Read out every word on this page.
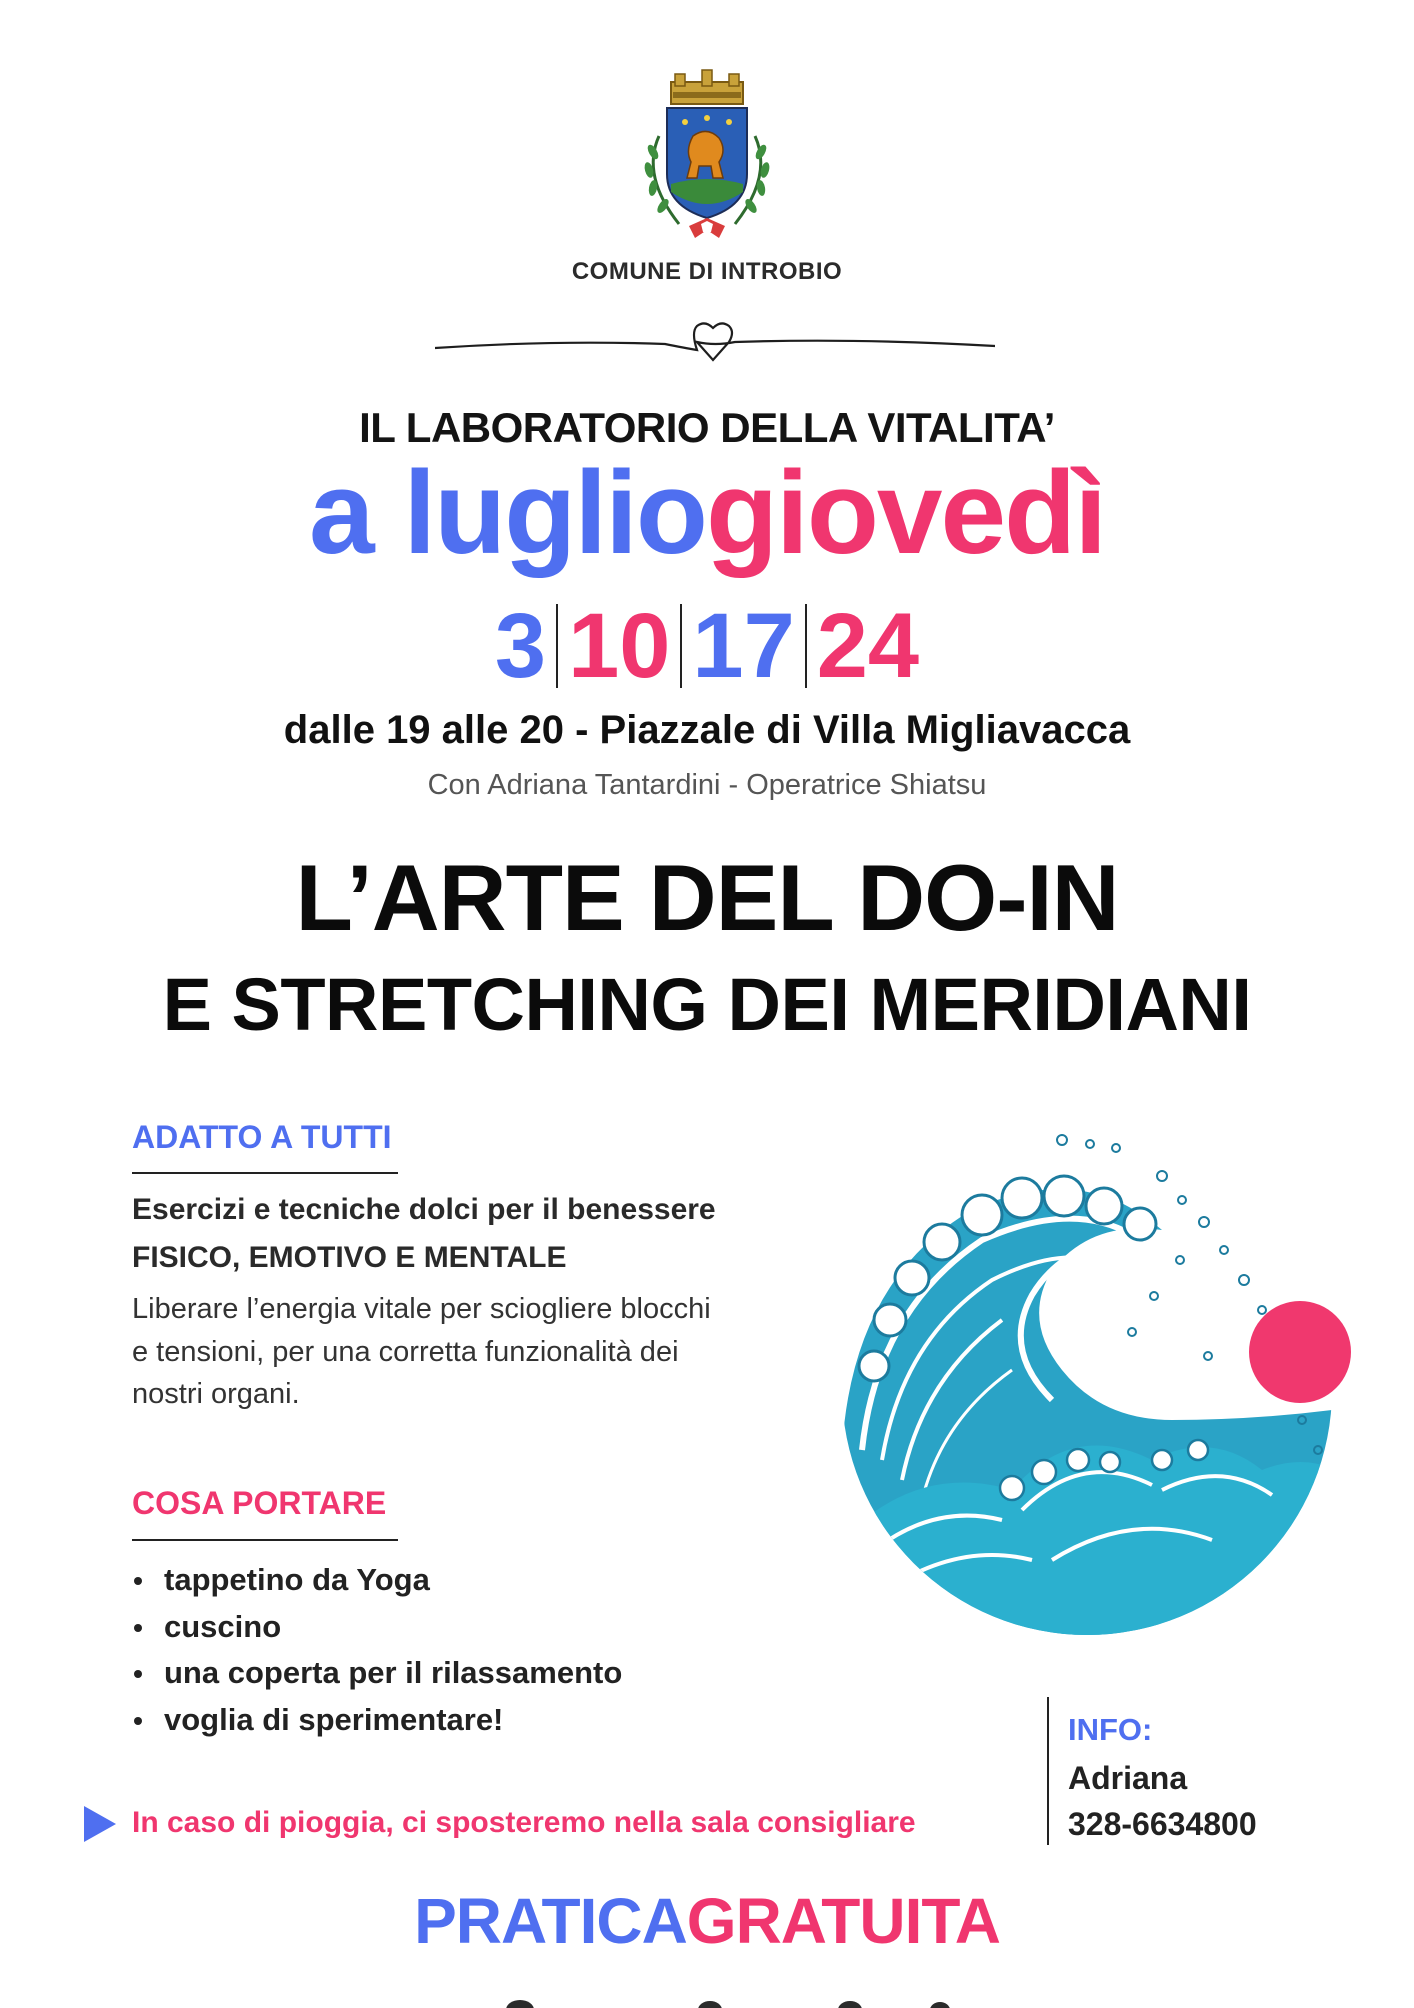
COMUNE DI INTROBIO
IL LABORATORIO DELLA VITALITA’
a lugliogiovedì
3 10 17 24
dalle 19 alle 20 - Piazzale di Villa Migliavacca
Con Adriana Tantardini - Operatrice Shiatsu
L’ARTE DEL DO-IN
E STRETCHING DEI MERIDIANI
ADATTO A TUTTI
Esercizi e tecniche dolci per il benessere
FISICO, EMOTIVO E MENTALE
Liberare l’energia vitale per sciogliere blocchi e tensioni, per una corretta funzionalità dei nostri organi.
COSA PORTARE
tappetino da Yoga
cuscino
una coperta per il rilassamento
voglia di sperimentare!
In caso di pioggia, ci sposteremo nella sala consigliare
INFO:
Adriana
328-6634800
PRATICAGRATUITA
